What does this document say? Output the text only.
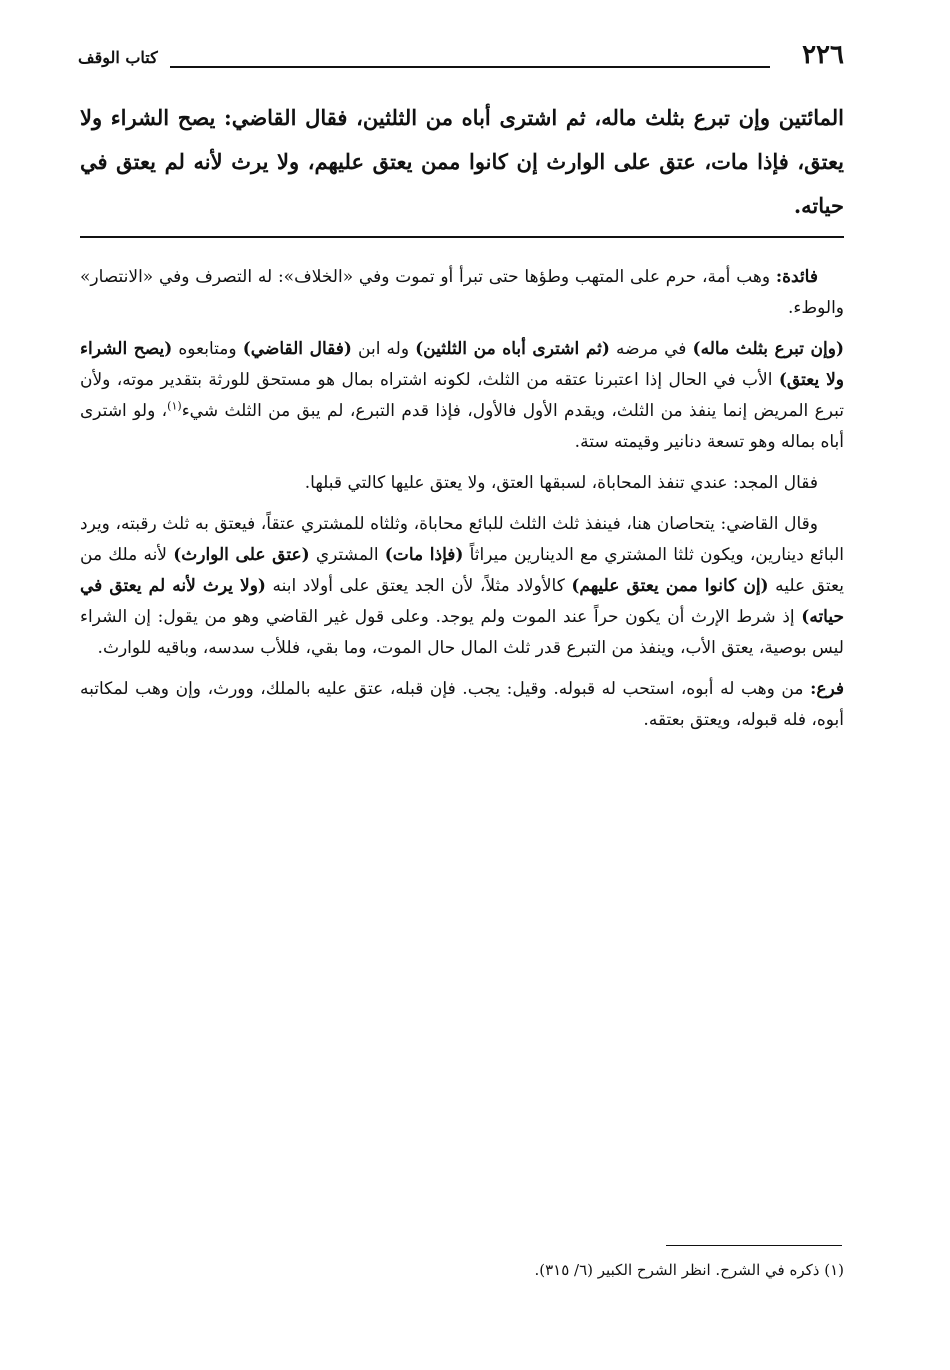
٢٢٦
كتاب الوقف
المائتين وإن تبرع بثلث ماله، ثم اشترى أباه من الثلثين، فقال القاضي: يصح الشراء ولا يعتق، فإذا مات، عتق على الوارث إن كانوا ممن يعتق عليهم، ولا يرث لأنه لم يعتق في حياته.

فائدة: وهب أمة، حرم على المتهب وطؤها حتى تبرأ أو تموت وفي «الخلاف»: له التصرف وفي «الانتصار» والوطء.

(وإن تبرع بثلث ماله) في مرضه (ثم اشترى أباه من الثلثين) وله ابن (فقال القاضي) ومتابعوه (يصح الشراء ولا يعتق) الأب في الحال إذا اعتبرنا عتقه من الثلث، لكونه اشتراه بمال هو مستحق للورثة بتقدير موته، ولأن تبرع المريض إنما ينفذ من الثلث، ويقدم الأول فالأول، فإذا قدم التبرع، لم يبق من الثلث شيء$^{(١)}$، ولو اشترى أباه بماله وهو تسعة دنانير وقيمته ستة.

فقال المجد: عندي تنفذ المحاباة، لسبقها العتق، ولا يعتق عليها كالتي قبلها.

وقال القاضي: يتحاصان هنا، فينفذ ثلث الثلث للبائع محاباة، وثلثاه للمشتري عتقاً، فيعتق به ثلث رقبته، ويرد البائع دينارين، ويكون ثلثا المشتري مع الدينارين ميراثاً (فإذا مات) المشتري (عتق على الوارث) لأنه ملك من يعتق عليه (إن كانوا ممن يعتق عليهم) كالأولاد مثلاً، لأن الجد يعتق على أولاد ابنه (ولا يرث لأنه لم يعتق في حياته) إذ شرط الإرث أن يكون حراً عند الموت ولم يوجد. وعلى قول غير القاضي وهو من يقول: إن الشراء ليس بوصية، يعتق الأب، وينفذ من التبرع قدر ثلث المال حال الموت، وما بقي، فللأب سدسه، وباقيه للوارث.

فرع: من وهب له أبوه، استحب له قبوله. وقيل: يجب. فإن قبله، عتق عليه بالملك، وورث، وإن وهب لمكاتبه أبوه، فله قبوله، ويعتق بعتقه.

(١) ذكره في الشرح. انظر الشرح الكبير (٦/ ٣١٥).
